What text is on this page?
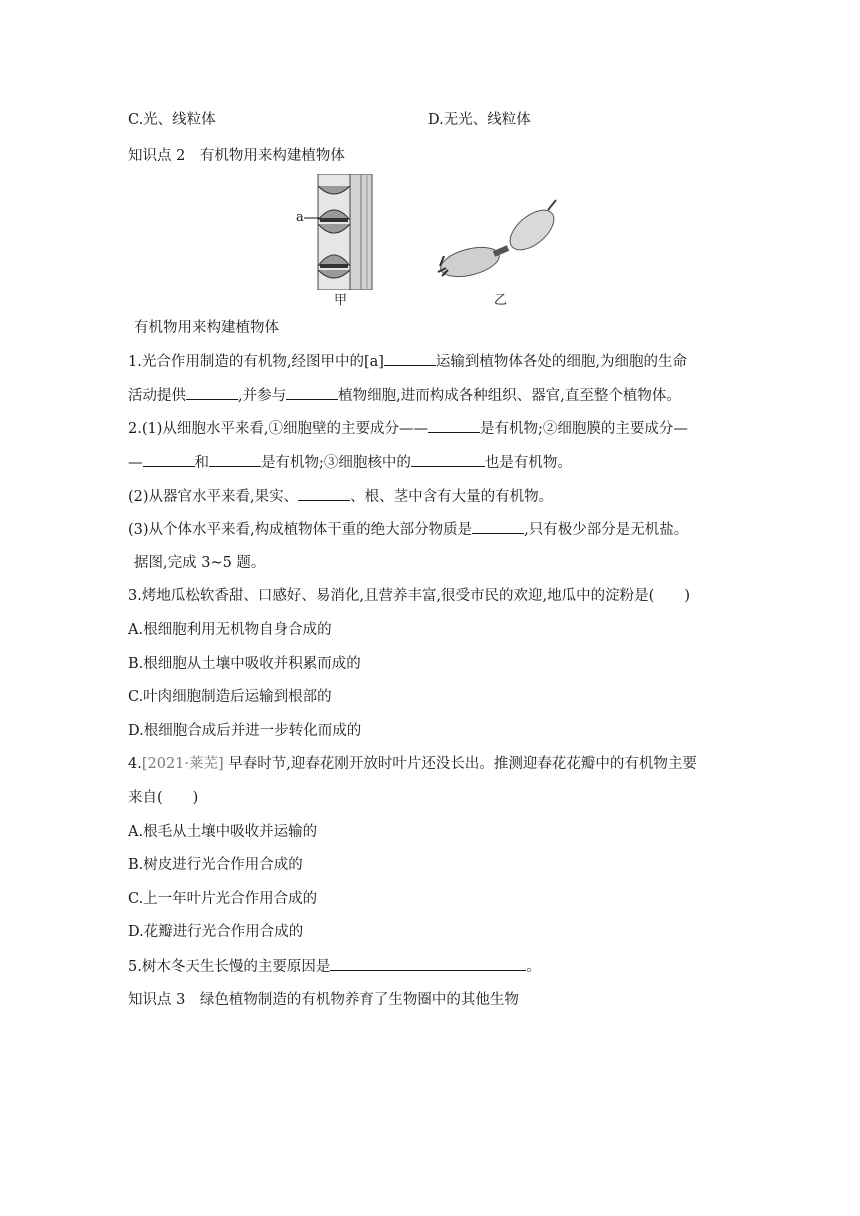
C.光、线粒体	D.无光、线粒体
知识点 2　有机物用来构建植物体
a
甲	乙
有机物用来构建植物体
1.光合作用制造的有机物,经图甲中的[a]	运输到植物体各处的细胞,为细胞的生命
活动提供	,并参与	植物细胞,进而构成各种组织、器官,直至整个植物体。
2.(1)从细胞水平来看,①细胞壁的主要成分——	是有机物;②细胞膜的主要成分—
—	和	是有机物;③细胞核中的	也是有机物。
(2)从器官水平来看,果实、	、根、茎中含有大量的有机物。
(3)从个体水平来看,构成植物体干重的绝大部分物质是	,只有极少部分是无机盐。
据图,完成 3~5 题。
3.烤地瓜松软香甜、口感好、易消化,且营养丰富,很受市民的欢迎,地瓜中的淀粉是( )
A.根细胞利用无机物自身合成的
B.根细胞从土壤中吸收并积累而成的
C.叶肉细胞制造后运输到根部的
D.根细胞合成后并进一步转化而成的
4.[2021·莱芜] 早春时节,迎春花刚开放时叶片还没长出。推测迎春花花瓣中的有机物主要
来自( )
A.根毛从土壤中吸收并运输的
B.树皮进行光合作用合成的
C.上一年叶片光合作用合成的
D.花瓣进行光合作用合成的
5.树木冬天生长慢的主要原因是	。
知识点 3　绿色植物制造的有机物养育了生物圈中的其他生物
